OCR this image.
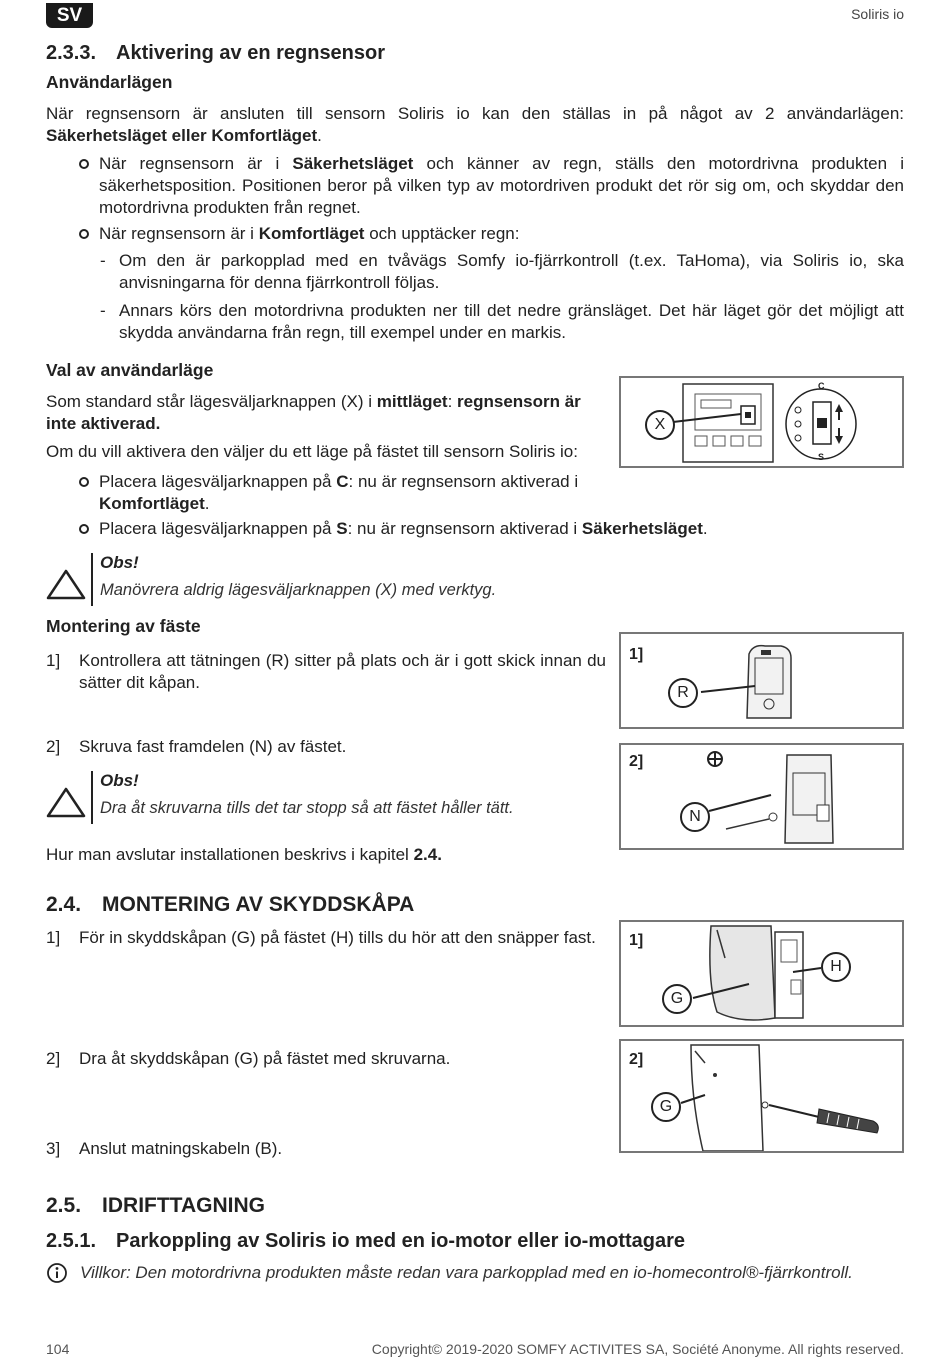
SV	Soliris io
2.3.3. Aktivering av en regnsensor
Användarlägen
När regnsensorn är ansluten till sensorn Soliris io kan den ställas in på något av 2 användarlägen: Säkerhetsläget eller Komfortläget.
När regnsensorn är i Säkerhetsläget och känner av regn, ställs den motordrivna produkten i säkerhetsposition. Positionen beror på vilken typ av motordriven produkt det rör sig om, och skyddar den motordrivna produkten från regnet.
När regnsensorn är i Komfortläget och upptäcker regn:
- Om den är parkopplad med en tvåvägs Somfy io-fjärrkontroll (t.ex. TaHoma), via Soliris io, ska anvisningarna för denna fjärrkontroll följas.
- Annars körs den motordrivna produkten ner till det nedre gränsläget. Det här läget gör det möjligt att skydda användarna från regn, till exempel under en markis.
Val av användarläge
Som standard står lägesväljarknappen (X) i mittläget: regnsensorn är inte aktiverad.
Om du vill aktivera den väljer du ett läge på fästet till sensorn Soliris io:
Placera lägesväljarknappen på C: nu är regnsensorn aktiverad i Komfortläget.
Placera lägesväljarknappen på S: nu är regnsensorn aktiverad i Säkerhetsläget.
C
S
X
Obs!
Manövrera aldrig lägesväljarknappen (X) med verktyg.
Montering av fäste
1] Kontrollera att tätningen (R) sitter på plats och är i gott skick innan du sätter dit kåpan.
2] Skruva fast framdelen (N) av fästet.
1]
R
2]
N
Obs!
Dra åt skruvarna tills det tar stopp så att fästet håller tätt.
Hur man avslutar installationen beskrivs i kapitel 2.4.
2.4. MONTERING AV SKYDDSKÅPA
1] För in skyddskåpan (G) på fästet (H) tills du hör att den snäpper fast.
2] Dra åt skyddskåpan (G) på fästet med skruvarna.
3] Anslut matningskabeln (B).
1]
G
H
2]
G
2.5. IDRIFTTAGNING
2.5.1. Parkoppling av Soliris io med en io-motor eller io-mottagare
Villkor: Den motordrivna produkten måste redan vara parkopplad med en io-homecontrol®-fjärrkontroll.
104	Copyright© 2019-2020 SOMFY ACTIVITES SA, Société Anonyme. All rights reserved.
